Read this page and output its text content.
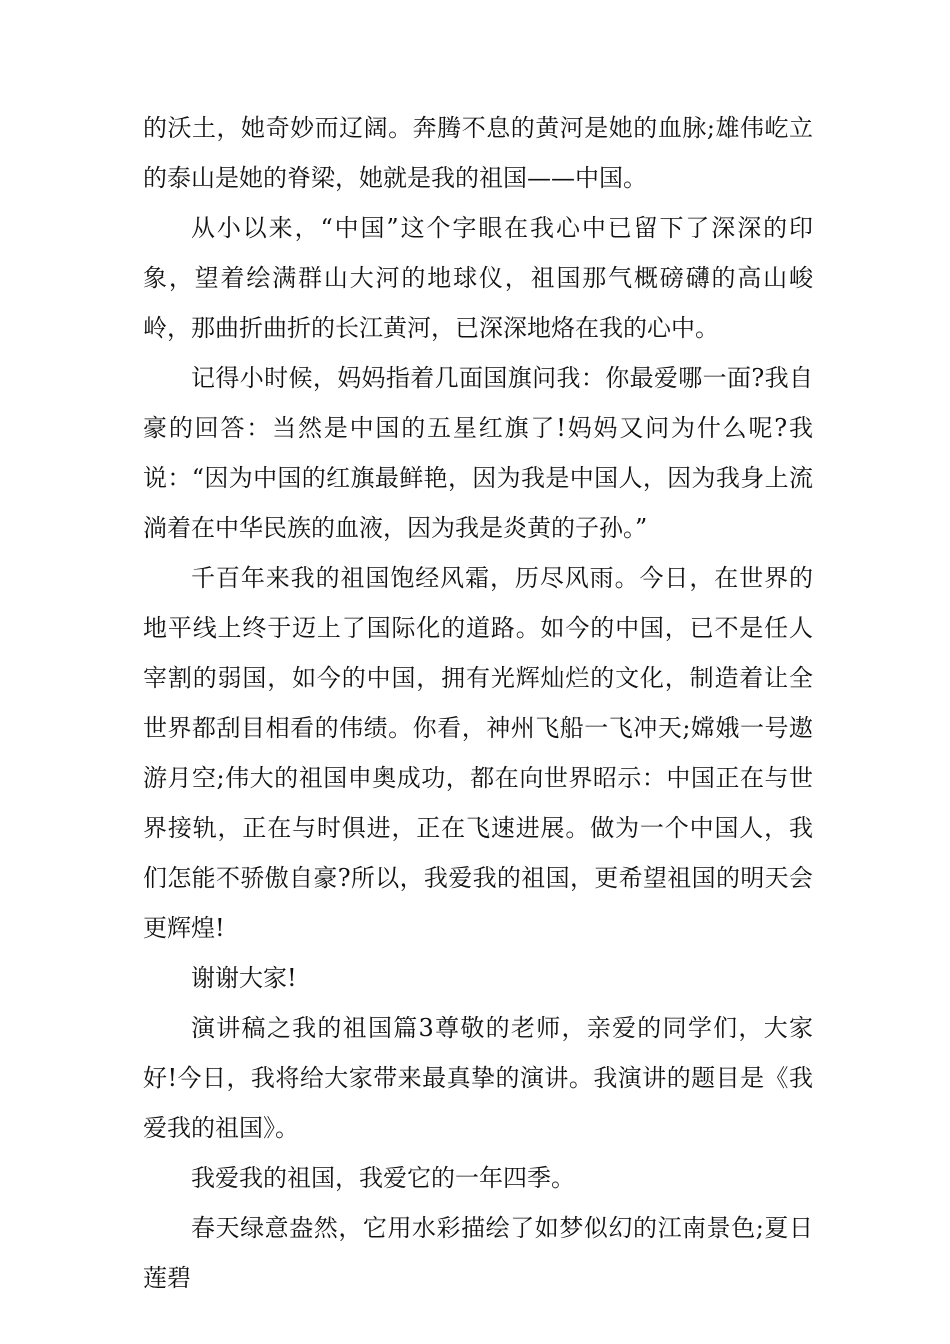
的沃土，她奇妙而辽阔。奔腾不息的黄河是她的血脉;雄伟屹立的泰山是她的脊梁，她就是我的祖国——中国。

从小以来，“中国”这个字眼在我心中已留下了深深的印象，望着绘满群山大河的地球仪，祖国那气概磅礴的高山峻岭，那曲折曲折的长江黄河，已深深地烙在我的心中。

记得小时候，妈妈指着几面国旗问我：你最爱哪一面?我自豪的回答：当然是中国的五星红旗了!妈妈又问为什么呢?我说：“因为中国的红旗最鲜艳，因为我是中国人，因为我身上流淌着在中华民族的血液，因为我是炎黄的子孙。”

千百年来我的祖国饱经风霜，历尽风雨。今日，在世界的地平线上终于迈上了国际化的道路。如今的中国，已不是任人宰割的弱国，如今的中国，拥有光辉灿烂的文化，制造着让全世界都刮目相看的伟绩。你看，神州飞船一飞冲天;嫦娥一号遨游月空;伟大的祖国申奥成功，都在向世界昭示：中国正在与世界接轨，正在与时俱进，正在飞速进展。做为一个中国人，我们怎能不骄傲自豪?所以，我爱我的祖国，更希望祖国的明天会更辉煌!

谢谢大家!

演讲稿之我的祖国篇3尊敬的老师，亲爱的同学们，大家好!今日，我将给大家带来最真挚的演讲。我演讲的题目是《我爱我的祖国》。

我爱我的祖国，我爱它的一年四季。

春天绿意盎然，它用水彩描绘了如梦似幻的江南景色;夏日莲碧
